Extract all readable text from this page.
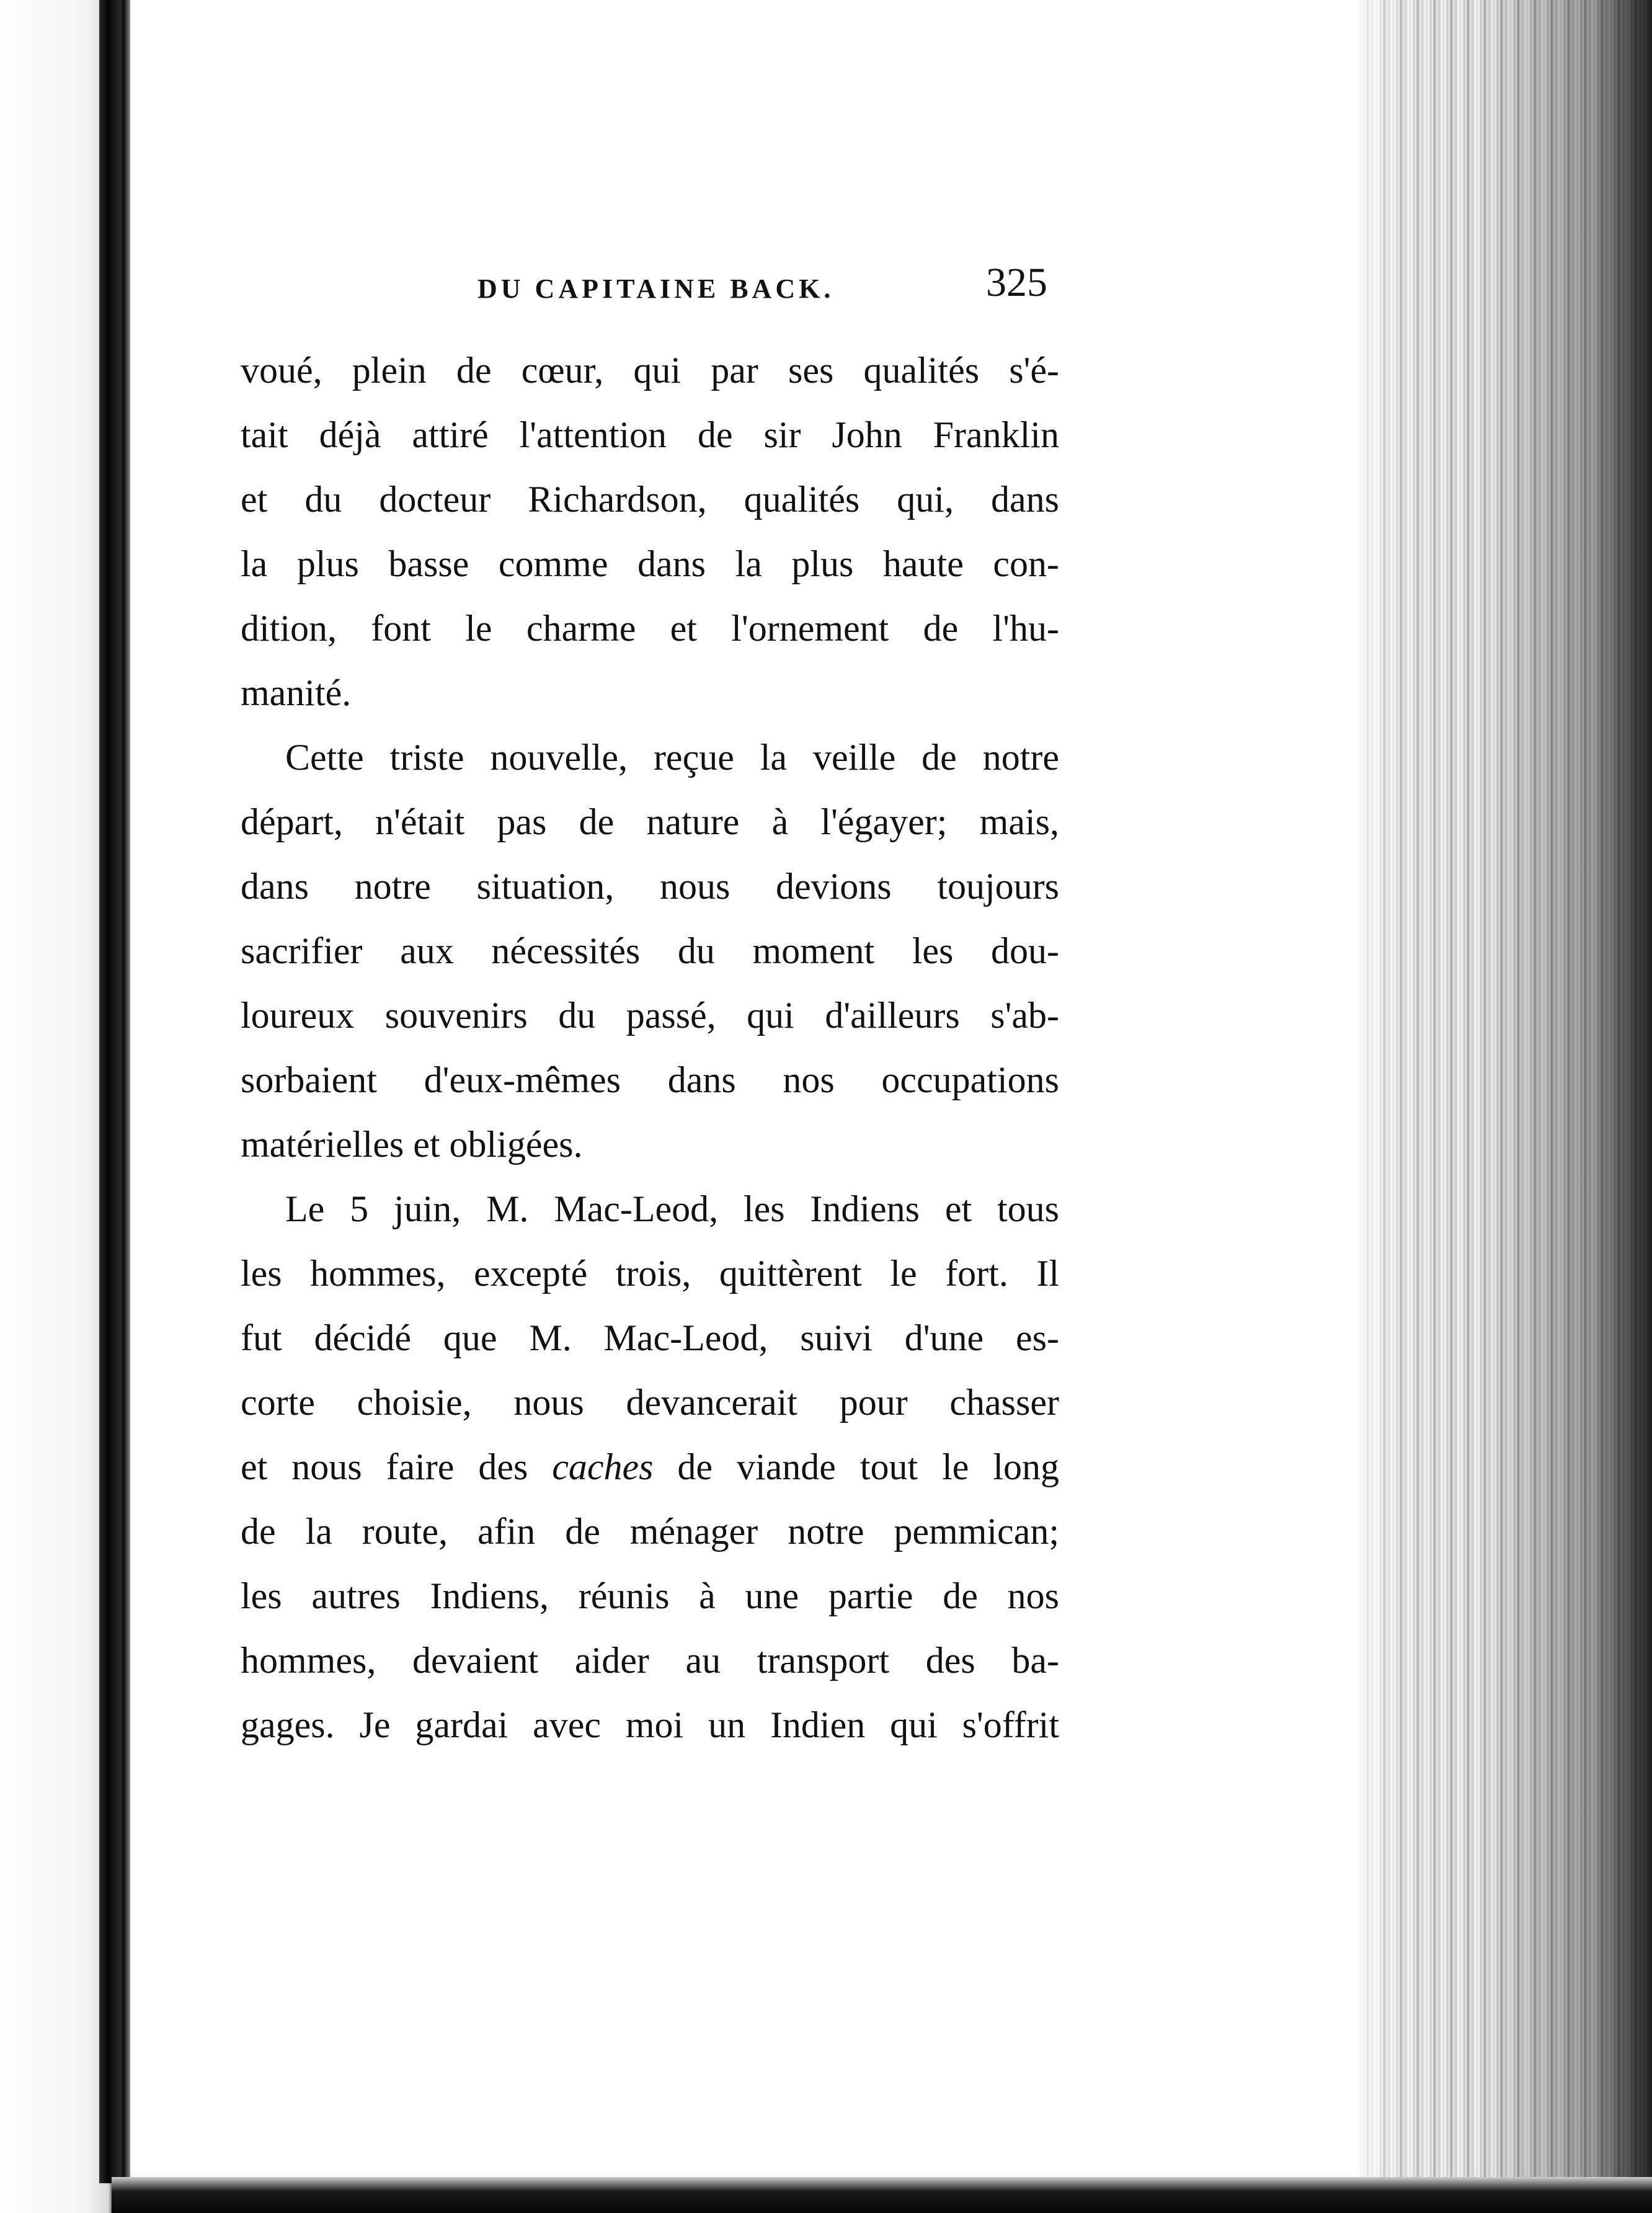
DU CAPITAINE BACK.	325
voué, plein de cœur, qui par ses qualités s'é-
tait déjà attiré l'attention de sir John Franklin
et du docteur Richardson, qualités qui, dans
la plus basse comme dans la plus haute con-
dition, font le charme et l'ornement de l'hu-
manité.
Cette triste nouvelle, reçue la veille de notre
départ, n'était pas de nature à l'égayer; mais,
dans notre situation, nous devions toujours
sacrifier aux nécessités du moment les dou-
loureux souvenirs du passé, qui d'ailleurs s'ab-
sorbaient d'eux-mêmes dans nos occupations
matérielles et obligées.
Le 5 juin, M. Mac-Leod, les Indiens et tous
les hommes, excepté trois, quittèrent le fort. Il
fut décidé que M. Mac-Leod, suivi d'une es-
corte choisie, nous devancerait pour chasser
et nous faire des caches de viande tout le long
de la route, afin de ménager notre pemmican;
les autres Indiens, réunis à une partie de nos
hommes, devaient aider au transport des ba-
gages. Je gardai avec moi un Indien qui s'offrit
